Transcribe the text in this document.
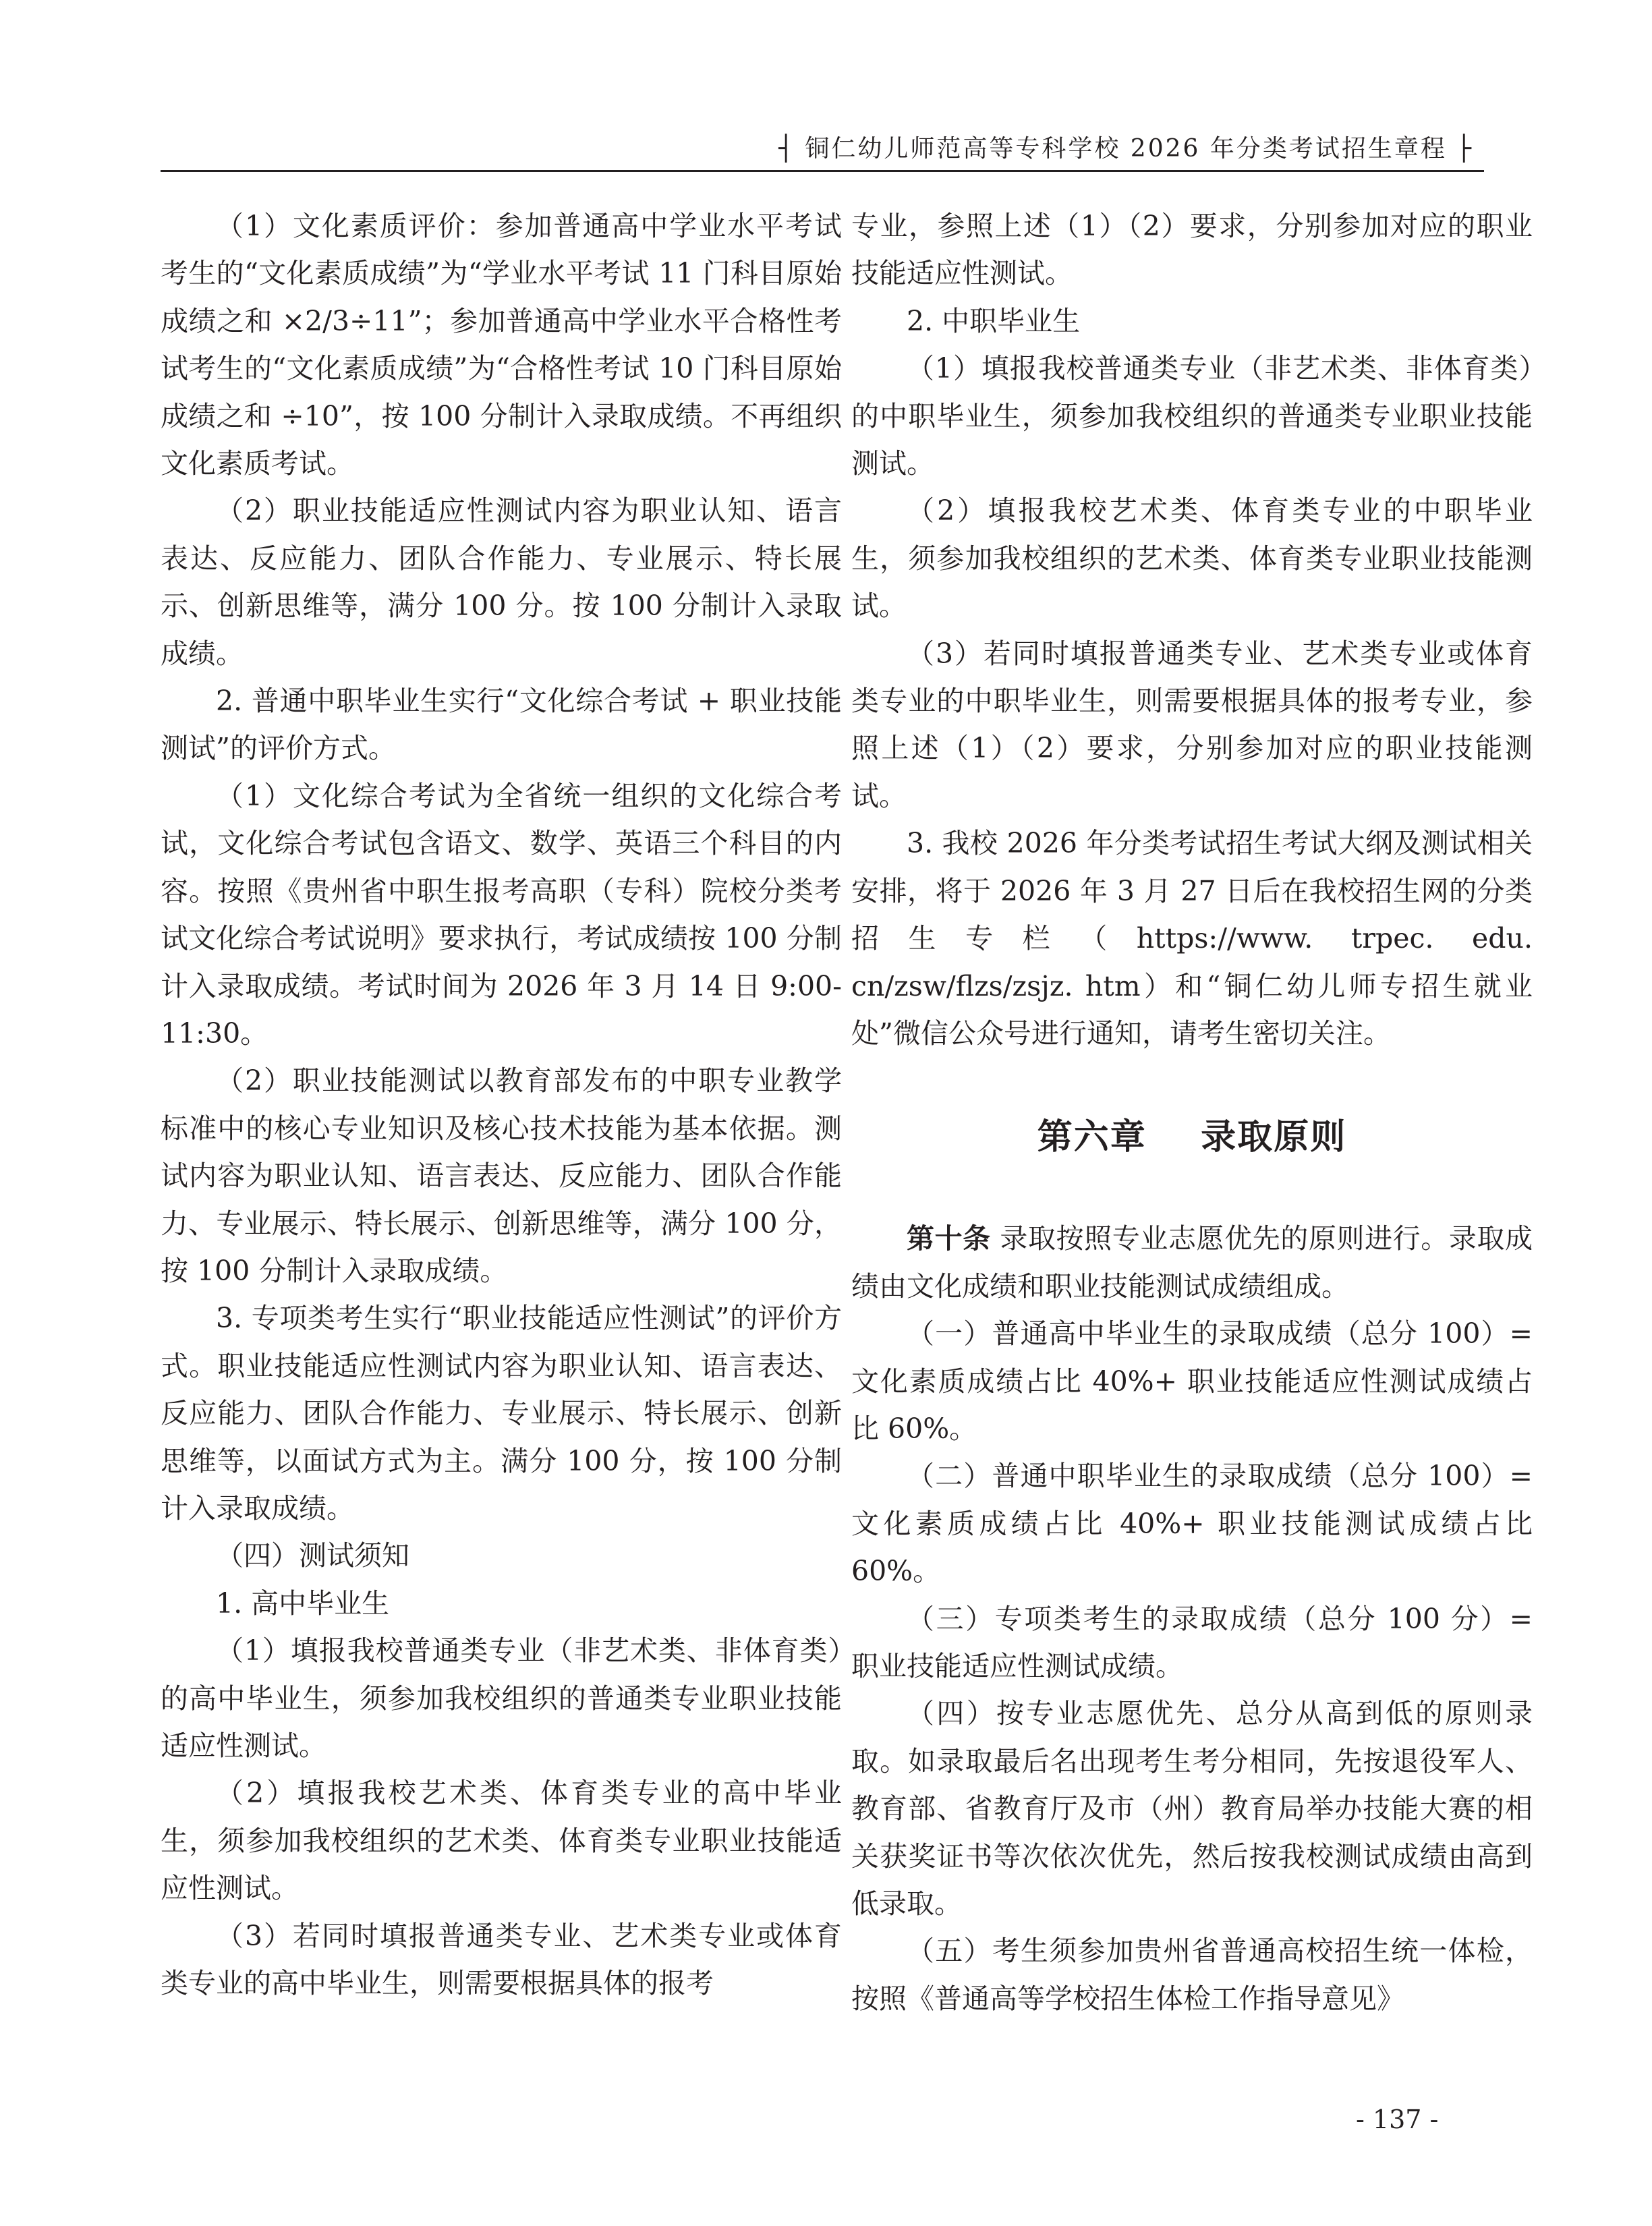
┤ 铜仁幼儿师范高等专科学校 2026 年分类考试招生章程 ├

（1）文化素质评价：参加普通高中学业水平考试考生的“文化素质成绩”为“学业水平考试 11 门科目原始成绩之和 ×2/3÷11”；参加普通高中学业水平合格性考试考生的“文化素质成绩”为“合格性考试 10 门科目原始成绩之和 ÷10”，按 100 分制计入录取成绩。不再组织文化素质考试。

（2）职业技能适应性测试内容为职业认知、语言表达、反应能力、团队合作能力、专业展示、特长展示、创新思维等，满分 100 分。按 100 分制计入录取成绩。

2. 普通中职毕业生实行“文化综合考试 + 职业技能测试”的评价方式。

（1）文化综合考试为全省统一组织的文化综合考试，文化综合考试包含语文、数学、英语三个科目的内容。按照《贵州省中职生报考高职（专科）院校分类考试文化综合考试说明》要求执行，考试成绩按 100 分制计入录取成绩。考试时间为 2026 年 3 月 14 日 9:00-11:30。

（2）职业技能测试以教育部发布的中职专业教学标准中的核心专业知识及核心技术技能为基本依据。测试内容为职业认知、语言表达、反应能力、团队合作能力、专业展示、特长展示、创新思维等，满分 100 分，按 100 分制计入录取成绩。

3. 专项类考生实行“职业技能适应性测试”的评价方式。职业技能适应性测试内容为职业认知、语言表达、反应能力、团队合作能力、专业展示、特长展示、创新思维等，以面试方式为主。满分 100 分，按 100 分制计入录取成绩。

（四）测试须知

1. 高中毕业生

（1）填报我校普通类专业（非艺术类、非体育类）的高中毕业生，须参加我校组织的普通类专业职业技能适应性测试。

（2）填报我校艺术类、体育类专业的高中毕业生，须参加我校组织的艺术类、体育类专业职业技能适应性测试。

（3）若同时填报普通类专业、艺术类专业或体育类专业的高中毕业生，则需要根据具体的报考

专业，参照上述（1）（2）要求，分别参加对应的职业技能适应性测试。

2. 中职毕业生

（1）填报我校普通类专业（非艺术类、非体育类）的中职毕业生，须参加我校组织的普通类专业职业技能测试。

（2）填报我校艺术类、体育类专业的中职毕业生，须参加我校组织的艺术类、体育类专业职业技能测试。

（3）若同时填报普通类专业、艺术类专业或体育类专业的中职毕业生，则需要根据具体的报考专业，参照上述（1）（2）要求，分别参加对应的职业技能测试。

3. 我校 2026 年分类考试招生考试大纲及测试相关安排，将于 2026 年 3 月 27 日后在我校招生网的分类招生专栏（https://www. trpec. edu. cn/zsw/flzs/zsjz. htm）和“铜仁幼儿师专招生就业处”微信公众号进行通知，请考生密切关注。

第六章    录取原则

第十条 录取按照专业志愿优先的原则进行。录取成绩由文化成绩和职业技能测试成绩组成。

（一）普通高中毕业生的录取成绩（总分 100）= 文化素质成绩占比 40%+ 职业技能适应性测试成绩占比 60%。

（二）普通中职毕业生的录取成绩（总分 100）= 文化素质成绩占比 40%+ 职业技能测试成绩占比 60%。

（三）专项类考生的录取成绩（总分 100 分）= 职业技能适应性测试成绩。

（四）按专业志愿优先、总分从高到低的原则录取。如录取最后名出现考生考分相同，先按退役军人、教育部、省教育厅及市（州）教育局举办技能大赛的相关获奖证书等次依次优先，然后按我校测试成绩由高到低录取。

（五）考生须参加贵州省普通高校招生统一体检，按照《普通高等学校招生体检工作指导意见》

- 137 -
